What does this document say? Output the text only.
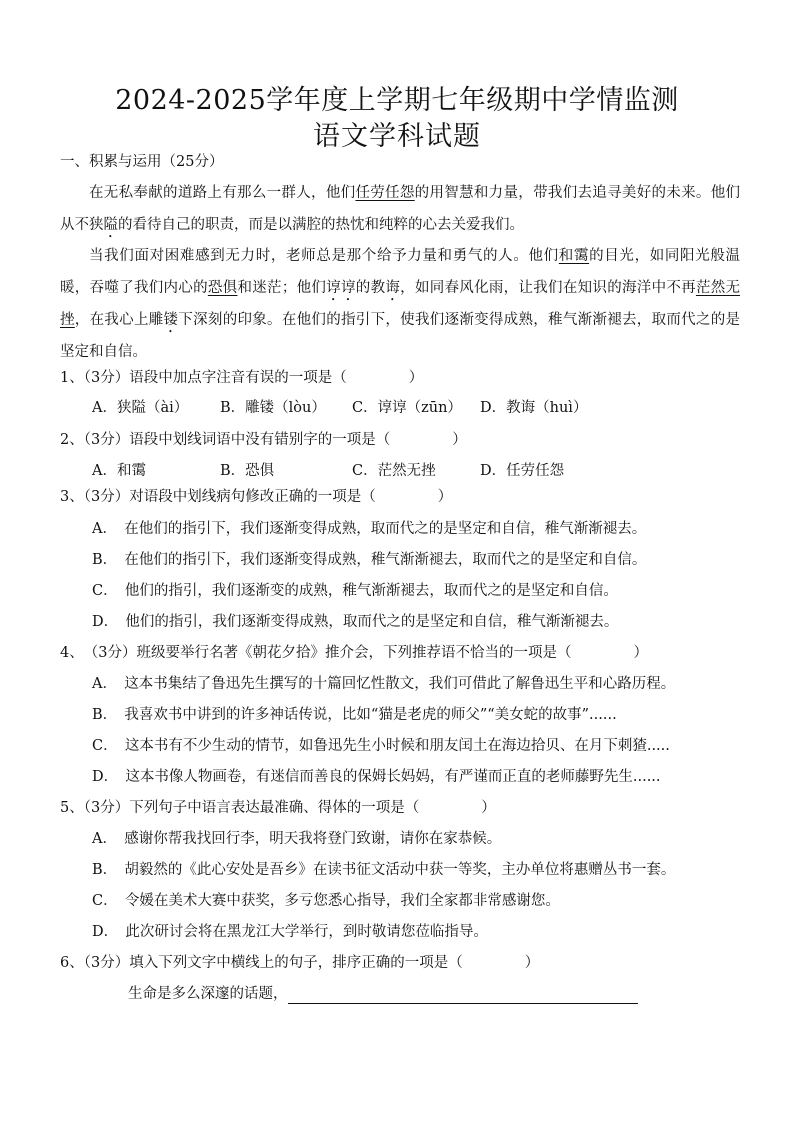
2024-2025学年度上学期七年级期中学情监测
语文学科试题
一、积累与运用（25分）
在无私奉献的道路上有那么一群人，他们任劳任怨的用智慧和力量，带我们去追寻美好的未来。他们从不狭隘的看待自己的职责，而是以满腔的热忱和纯粹的心去关爱我们。
当我们面对困难感到无力时，老师总是那个给予力量和勇气的人。他们和霭的目光，如同阳光般温暖，吞噬了我们内心的恐俱和迷茫；他们谆谆的教诲，如同春风化雨，让我们在知识的海洋中不再茫然无挫，在我心上雕镂下深刻的印象。在他们的指引下，使我们逐渐变得成熟，稚气渐渐褪去，取而代之的是坚定和自信。
1、（3分）语段中加点字注音有误的一项是（	）
A．狭隘（ài） B．雕镂（lòu） C．谆谆（zūn） D．教诲（huì）
2、（3分）语段中划线词语中没有错别字的一项是（	）
A．和霭	B．恐俱	C．茫然无挫	D．任劳任怨
3、（3分）对语段中划线病句修改正确的一项是（	）
A．　在他们的指引下，我们逐渐变得成熟，取而代之的是坚定和自信，稚气渐渐褪去。
B．　在他们的指引下，我们逐渐变得成熟，稚气渐渐褪去，取而代之的是坚定和自信。
C．　他们的指引，我们逐渐变的成熟，稚气渐渐褪去，取而代之的是坚定和自信。
D．　他们的指引，我们逐渐变得成熟，取而代之的是坚定和自信，稚气渐渐褪去。
4、　（3分）班级要举行名著《朝花夕拾》推介会，下列推荐语不恰当的一项是（	）
A．　这本书集结了鲁迅先生撰写的十篇回忆性散文，我们可借此了解鲁迅生平和心路历程。
B．　我喜欢书中讲到的许多神话传说，比如“猫是老虎的师父”“美女蛇的故事”......
C．　这本书有不少生动的情节，如鲁迅先生小时候和朋友闰土在海边拾贝、在月下刺猹.....
D．　这本书像人物画卷，有迷信而善良的保姆长妈妈，有严谨而正直的老师藤野先生......
5、（3分）下列句子中语言表达最准确、得体的一项是（	）
A．　感谢你帮我找回行李，明天我将登门致谢，请你在家恭候。
B．　胡毅然的《此心安处是吾乡》在读书征文活动中获一等奖，主办单位将惠赠丛书一套。
C．　令媛在美术大赛中获奖，多亏您悉心指导，我们全家都非常感谢您。
D．　此次研讨会将在黑龙江大学举行，到时敬请您莅临指导。
6、（3分）填入下列文字中横线上的句子，排序正确的一项是（	）
生命是多么深邃的话题，
